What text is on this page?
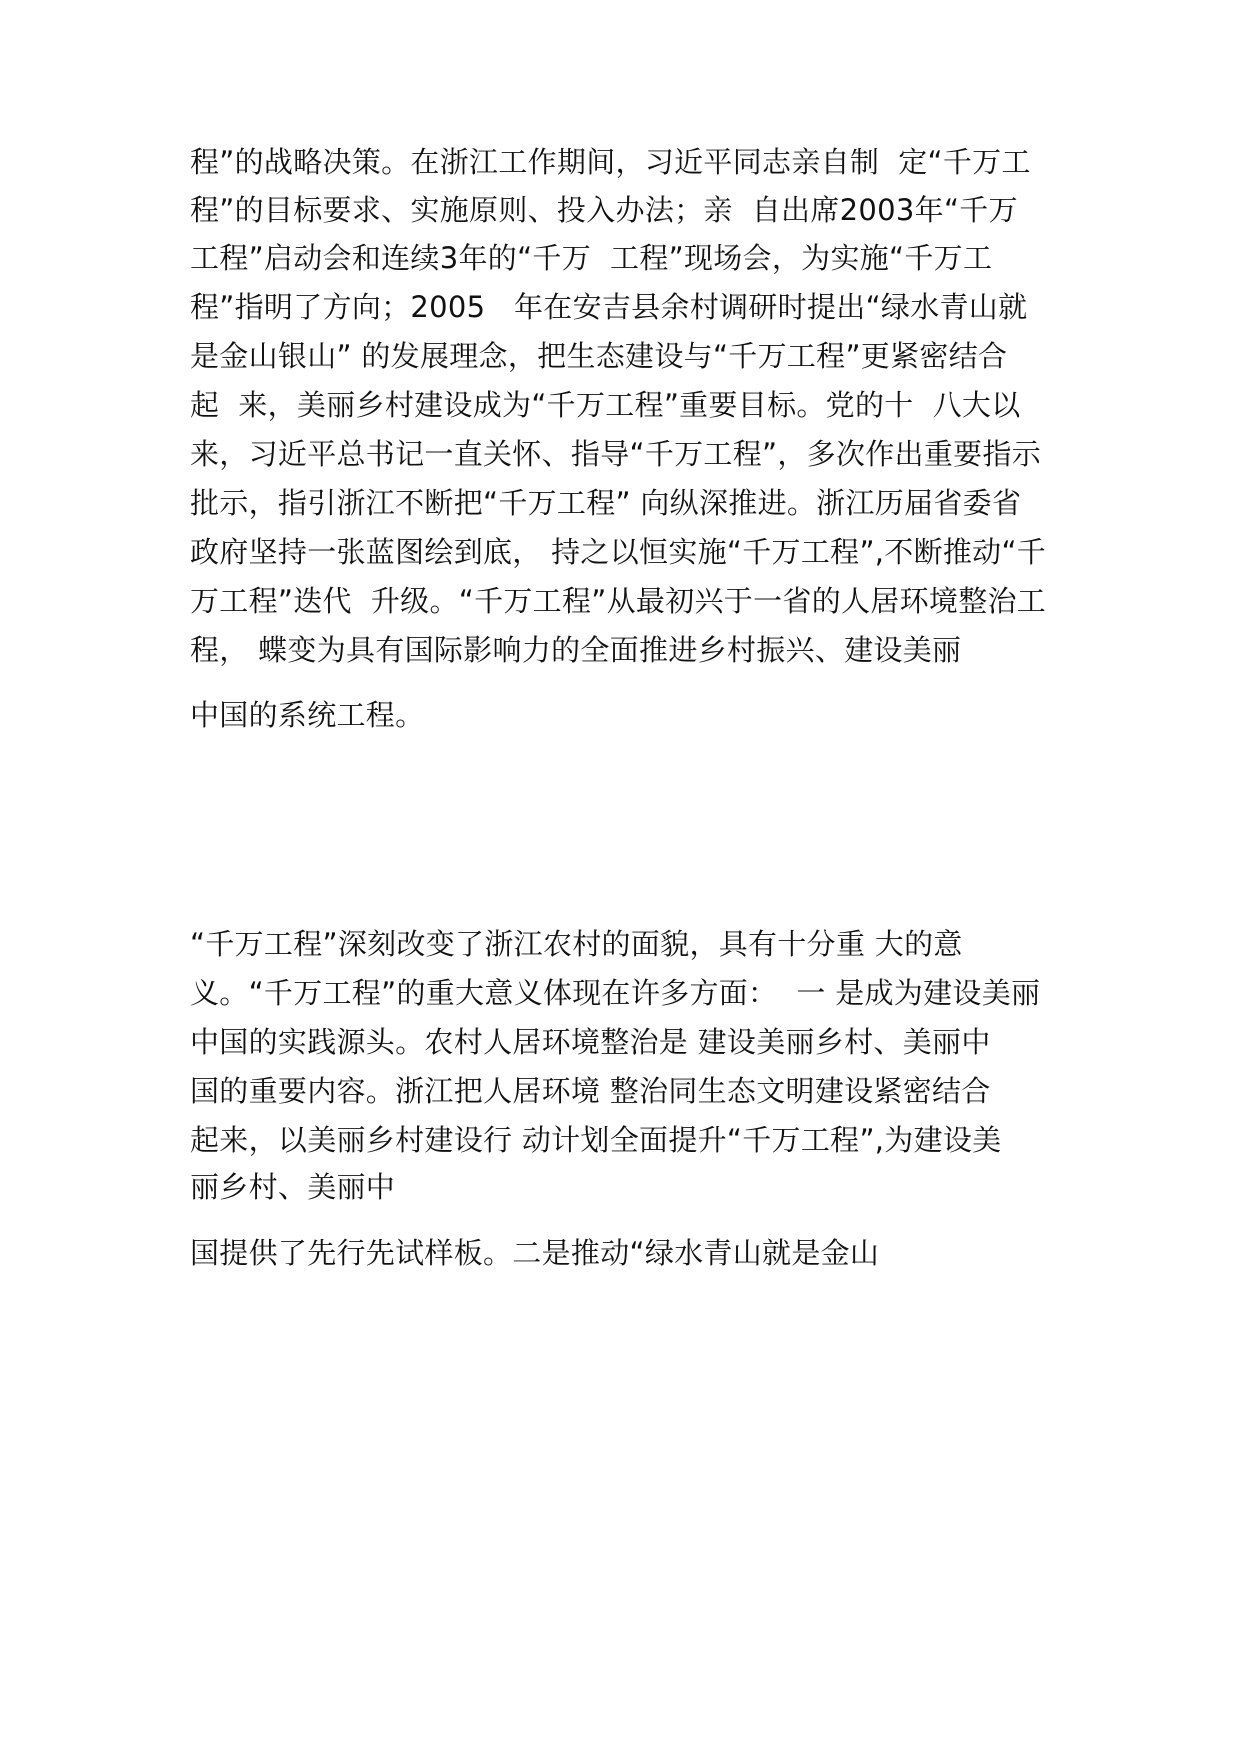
程”的战略决策。在浙江工作期间，习近平同志亲自制  定“千万工

程”的目标要求、实施原则、投入办法；亲  自出席2003年“千万

工程”启动会和连续3年的“千万  工程”现场会，为实施“千万工

程”指明了方向；2005   年在安吉县余村调研时提出“绿水青山就

是金山银山” 的发展理念，把生态建设与“千万工程”更紧密结合

起  来，美丽乡村建设成为“千万工程”重要目标。党的十  八大以

来，习近平总书记一直关怀、指导“千万工程”，多次作出重要指示

批示，指引浙江不断把“千万工程” 向纵深推进。浙江历届省委省

政府坚持一张蓝图绘到底， 持之以恒实施“千万工程”,不断推动“千

万工程”迭代  升级。“千万工程”从最初兴于一省的人居环境整治工

程， 蝶变为具有国际影响力的全面推进乡村振兴、建设美丽

中国的系统工程。

“千万工程”深刻改变了浙江农村的面貌，具有十分重 大的意

义。“千万工程”的重大意义体现在许多方面：  一 是成为建设美丽

中国的实践源头。农村人居环境整治是 建设美丽乡村、美丽中

国的重要内容。浙江把人居环境 整治同生态文明建设紧密结合

起来，以美丽乡村建设行 动计划全面提升“千万工程”,为建设美

丽乡村、美丽中

国提供了先行先试样板。二是推动“绿水青山就是金山
